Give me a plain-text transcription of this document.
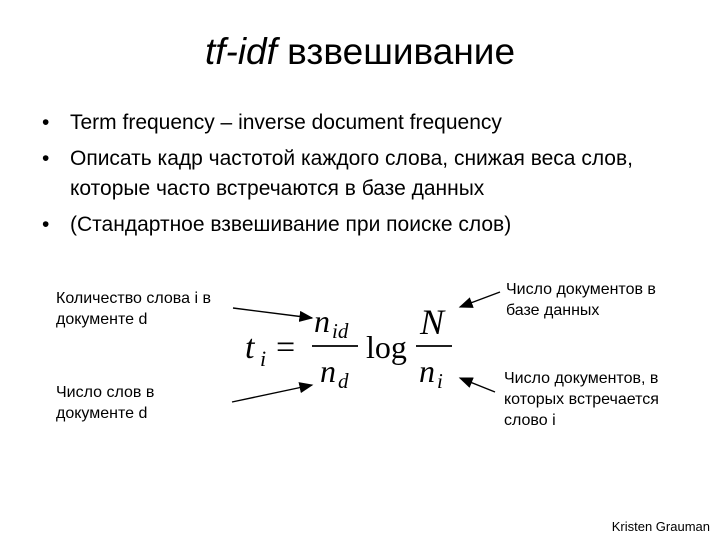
tf-idf взвешивание
• Term frequency – inverse document frequency
• Описать кадр частотой каждого слова, снижая веса слов, которые часто встречаются в базе данных
• (Стандартное взвешивание при поиске слов)
Количество слова i в документе d
Число слов в документе d
Число документов в базе данных
Число документов, в которых встречается слово i
t i =
n id
n d
log
N
n i
Kristen Grauman
